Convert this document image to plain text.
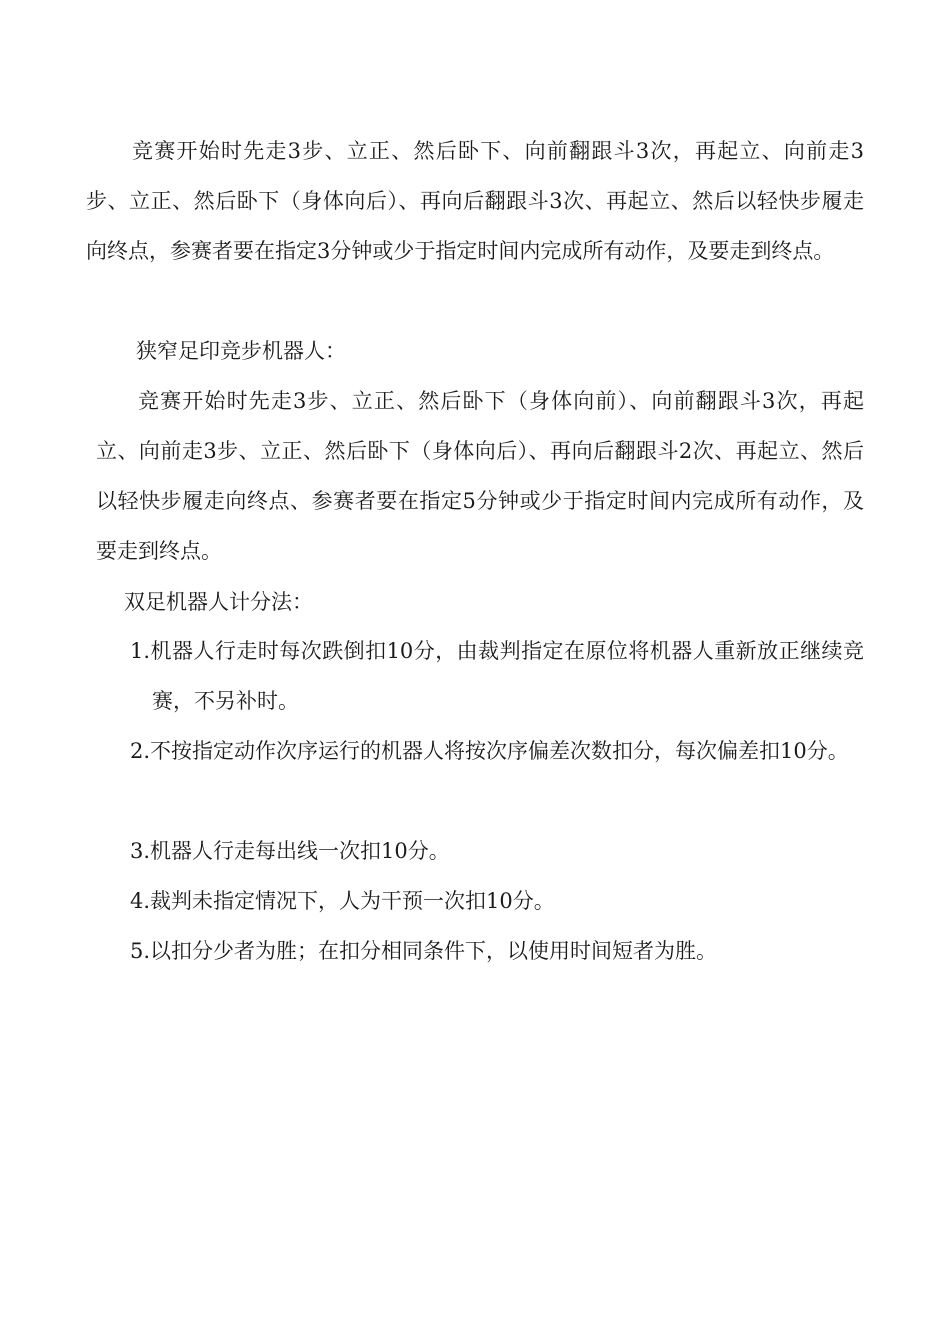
竞赛开始时先走3步、立正、然后卧下、向前翻跟斗3次，再起立、向前走3步、立正、然后卧下（身体向后）、再向后翻跟斗3次、再起立、然后以轻快步履走向终点，参赛者要在指定3分钟或少于指定时间内完成所有动作，及要走到终点。

狭窄足印竞步机器人：

竞赛开始时先走3步、立正、然后卧下（身体向前）、向前翻跟斗3次，再起立、向前走3步、立正、然后卧下（身体向后）、再向后翻跟斗2次、再起立、然后以轻快步履走向终点、参赛者要在指定5分钟或少于指定时间内完成所有动作，及要走到终点。

双足机器人计分法：

1.机器人行走时每次跌倒扣10分，由裁判指定在原位将机器人重新放正继续竞赛，不另补时。

2.不按指定动作次序运行的机器人将按次序偏差次数扣分，每次偏差扣10分。

3.机器人行走每出线一次扣10分。

4.裁判未指定情况下，人为干预一次扣10分。

5.以扣分少者为胜；在扣分相同条件下，以使用时间短者为胜。
